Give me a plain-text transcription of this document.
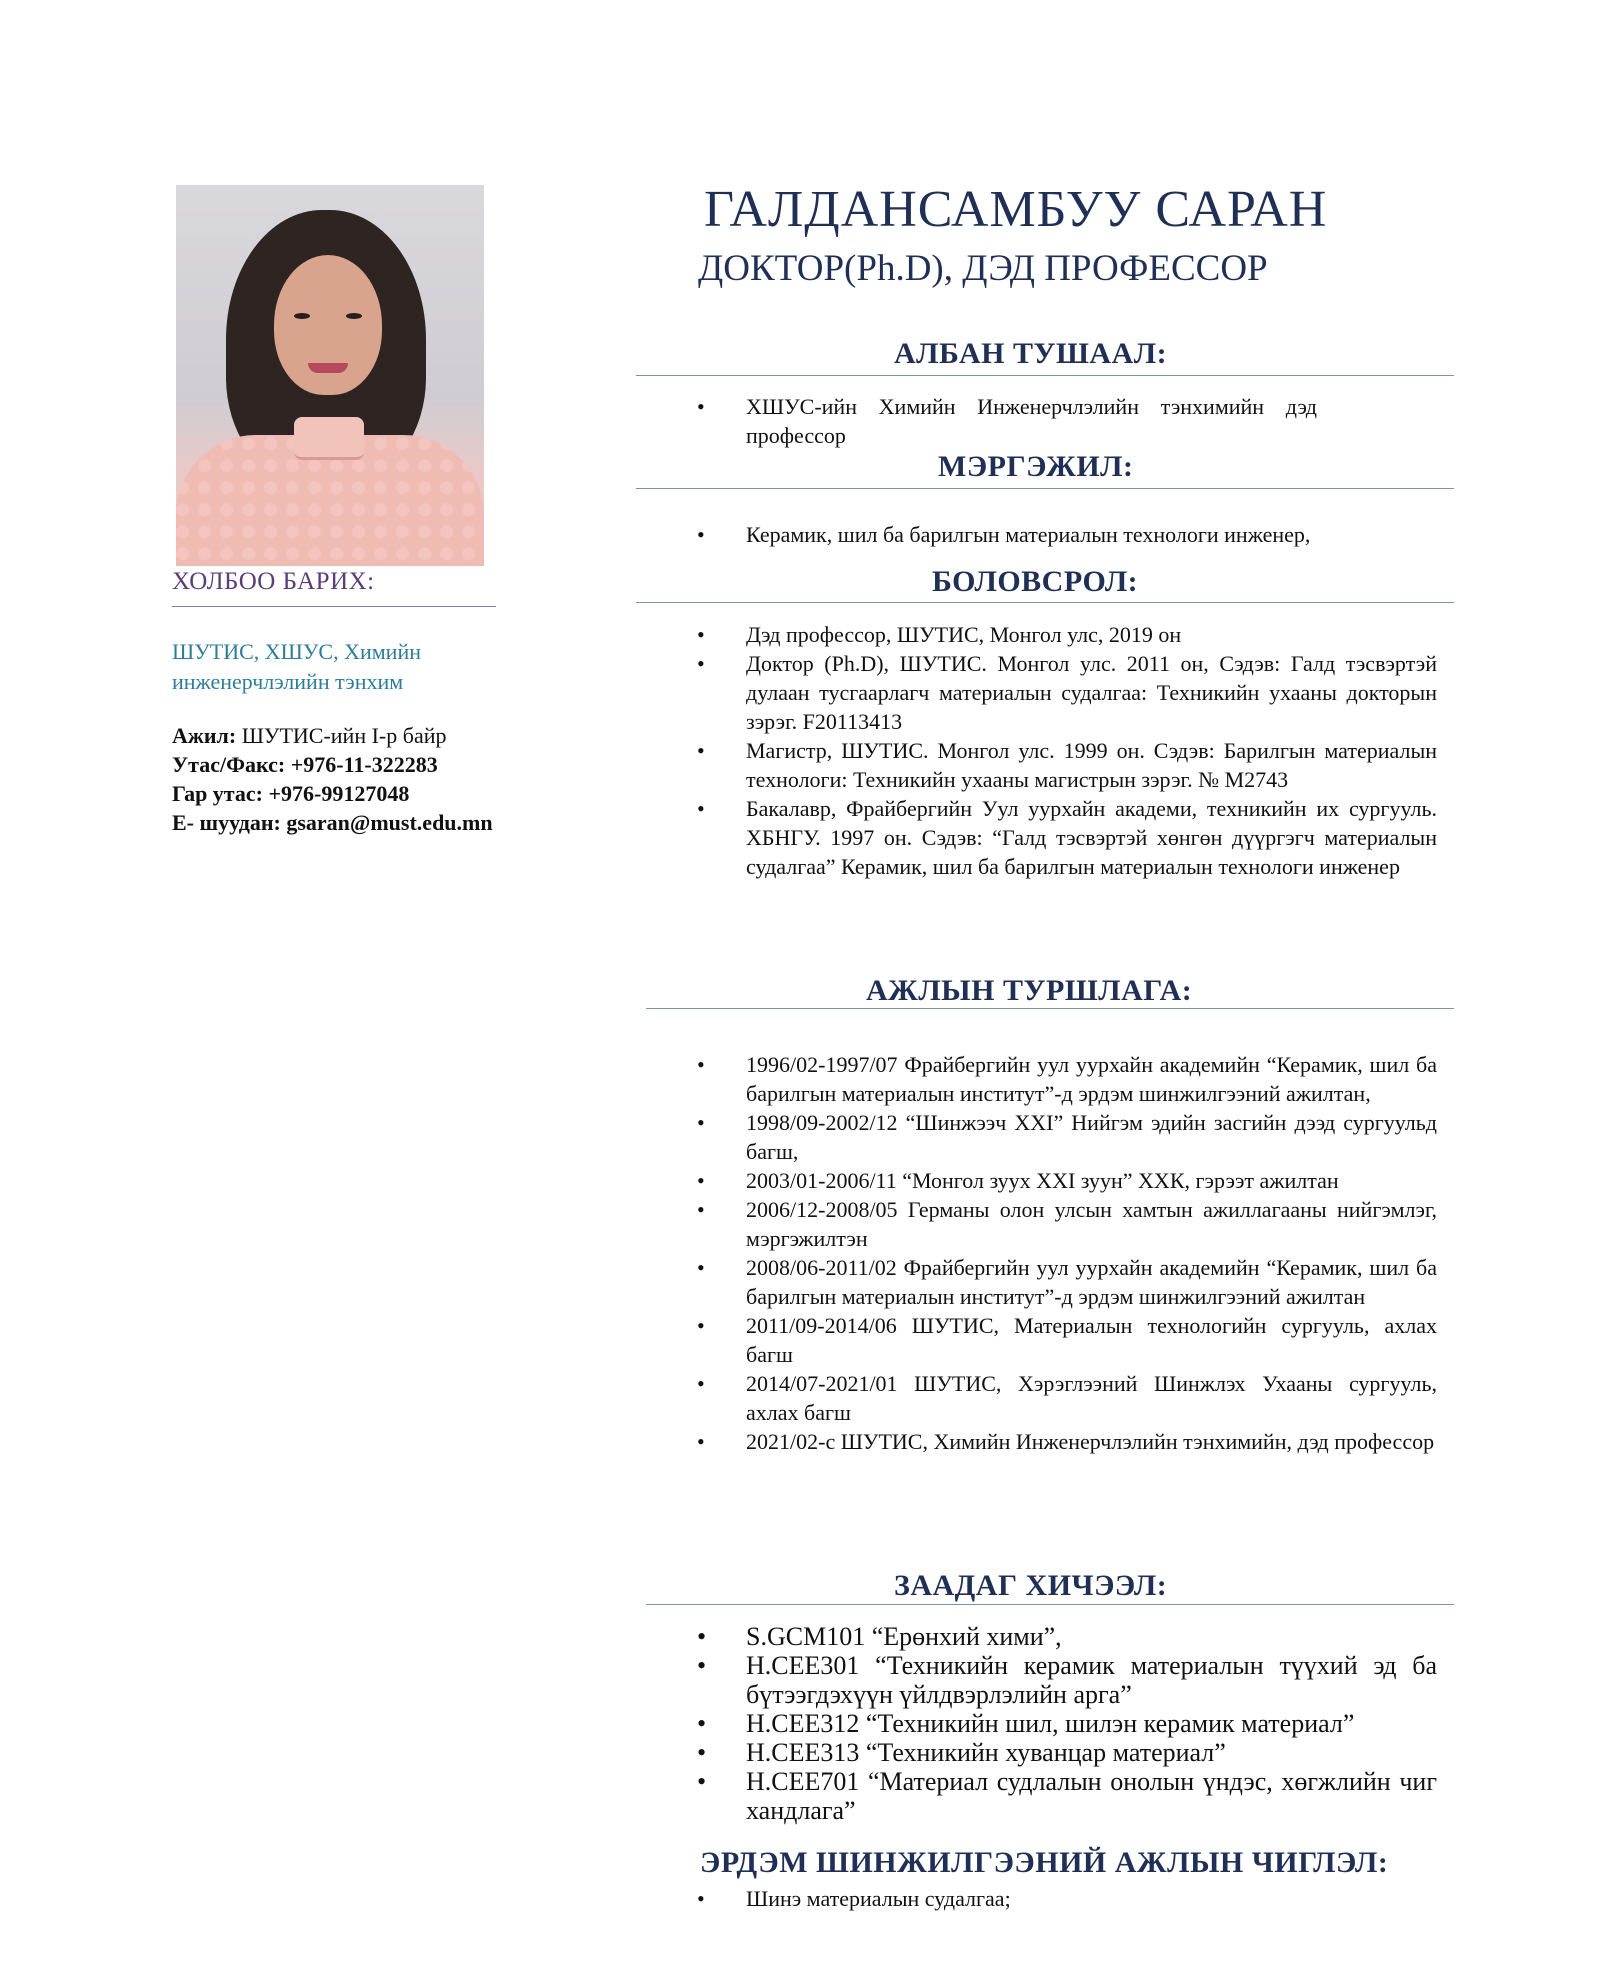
ХОЛБОО БАРИХ:
ШУТИС, ХШУС, Химийн
инженерчлэлийн тэнхим
Ажил: ШУТИС-ийн I-р байр
Утас/Факс: +976-11-322283
Гар утас: +976-99127048
Е- шуудан: gsaran@must.edu.mn
ГАЛДАНСАМБУУ САРАН
ДОКТОР(Ph.D), ДЭД ПРОФЕССОР
АЛБАН ТУШААЛ:
• ХШУС-ийн Химийн Инженерчлэлийн тэнхимийн дэд профессор
МЭРГЭЖИЛ:
• Керамик, шил ба барилгын материалын технологи инженер,
БОЛОВСРОЛ:
• Дэд профессор, ШУТИС, Монгол улс, 2019 он
• Доктор (Ph.D), ШУТИС. Монгол улс. 2011 он, Сэдэв: Галд тэсвэртэй дулаан тусгаарлагч материалын судалгаа: Техникийн ухааны докторын зэрэг. F20113413
• Магистр, ШУТИС. Монгол улс. 1999 он. Сэдэв: Барилгын материалын технологи: Техникийн ухааны магистрын зэрэг. № M2743
• Бакалавр, Фрайбергийн Уул уурхайн академи, техникийн их сургууль. ХБНГУ. 1997 он. Сэдэв: “Галд тэсвэртэй хөнгөн дүүргэгч материалын судалгаа” Керамик, шил ба барилгын материалын технологи инженер
АЖЛЫН ТУРШЛАГА:
• 1996/02-1997/07 Фрайбергийн уул уурхайн академийн “Керамик, шил ба барилгын материалын институт”-д эрдэм шинжилгээний ажилтан,
• 1998/09-2002/12 “Шинжээч XXI” Нийгэм эдийн засгийн дээд сургуульд багш,
• 2003/01-2006/11 “Монгол зуух XXI зуун” ХХК, гэрээт ажилтан
• 2006/12-2008/05 Германы олон улсын хамтын ажиллагааны нийгэмлэг, мэргэжилтэн
• 2008/06-2011/02 Фрайбергийн уул уурхайн академийн “Керамик, шил ба барилгын материалын институт”-д эрдэм шинжилгээний ажилтан
• 2011/09-2014/06 ШУТИС, Материалын технологийн сургууль, ахлах багш
• 2014/07-2021/01 ШУТИС, Хэрэглээний Шинжлэх Ухааны сургууль, ахлах багш
• 2021/02-с ШУТИС, Химийн Инженерчлэлийн тэнхимийн, дэд профессор
ЗААДАГ ХИЧЭЭЛ:
• S.GCM101 “Ерөнхий хими”,
• H.CEE301 “Техникийн керамик материалын түүхий эд ба бүтээгдэхүүн үйлдвэрлэлийн арга”
• H.CEE312 “Техникийн шил, шилэн керамик материал”
• H.CEE313 “Техникийн хуванцар материал”
• H.CEE701 “Материал судлалын онолын үндэс, хөгжлийн чиг хандлага”
ЭРДЭМ ШИНЖИЛГЭЭНИЙ АЖЛЫН ЧИГЛЭЛ:
• Шинэ материалын судалгаа;
